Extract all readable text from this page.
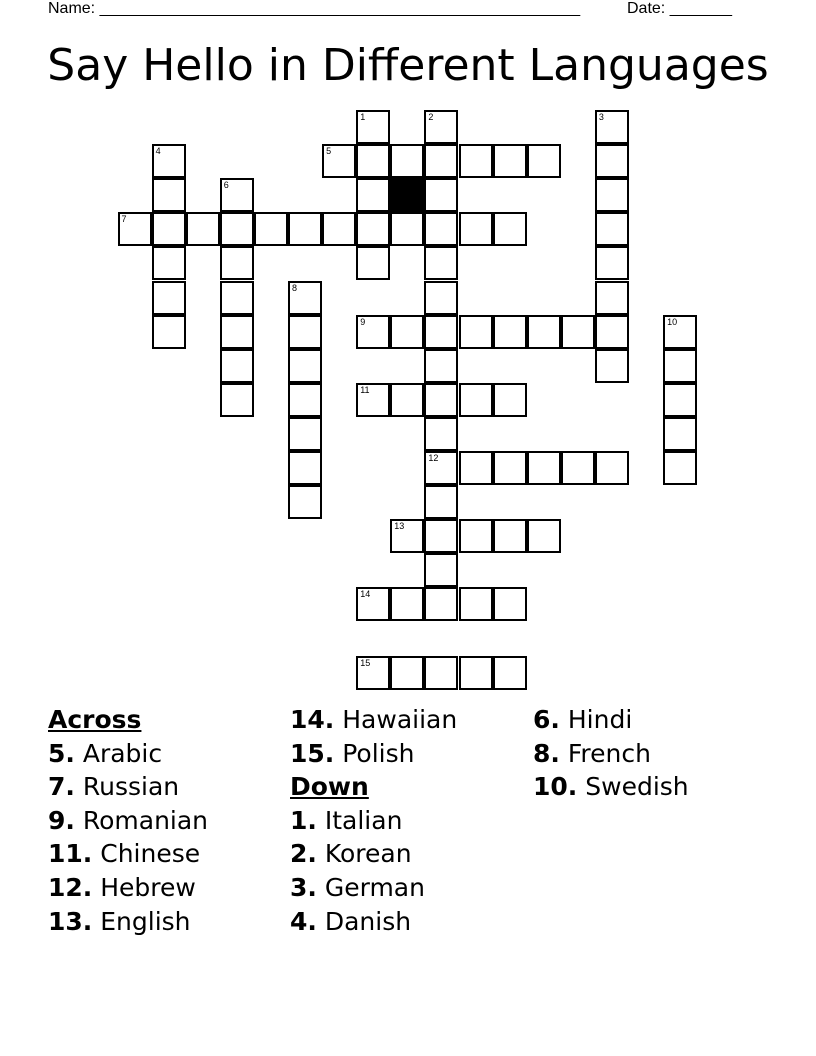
Name: ______________________________________________________	Date: _______
Say Hello in Different Languages
5
7
9
11
12
13
14
15
1	2	3
4
6
8
10
Across
5. Arabic
7. Russian
9. Romanian
11. Chinese
12. Hebrew
13. English
14. Hawaiian
15. Polish
Down
1. Italian
2. Korean
3. German
4. Danish
6. Hindi
8. French
10. Swedish
